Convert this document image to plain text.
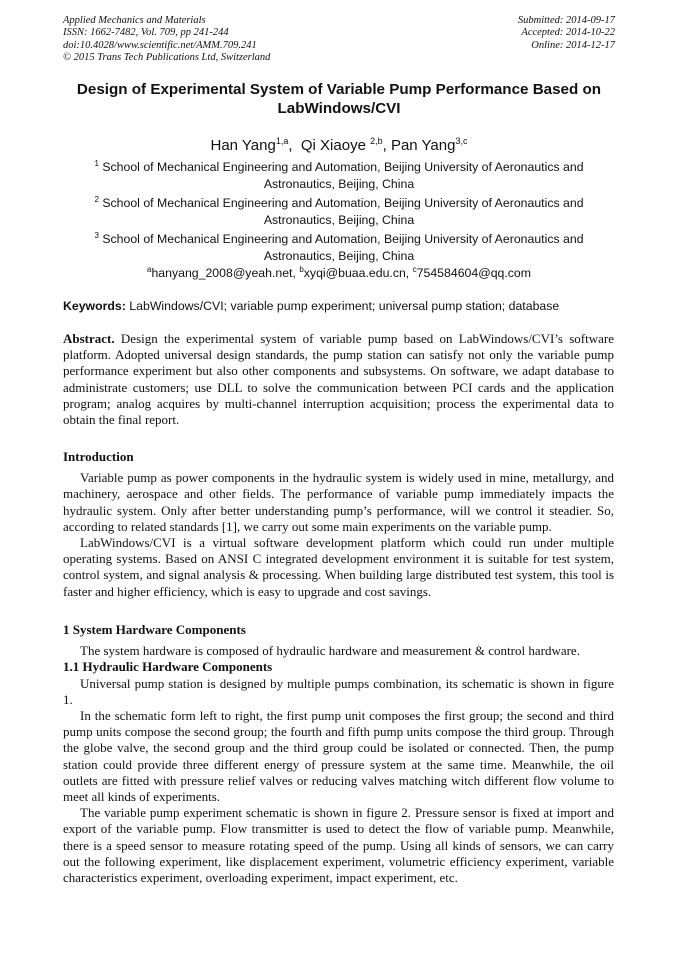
Applied Mechanics and Materials
ISSN: 1662-7482, Vol. 709, pp 241-244
doi:10.4028/www.scientific.net/AMM.709.241
© 2015 Trans Tech Publications Ltd, Switzerland
Submitted: 2014-09-17
Accepted: 2014-10-22
Online: 2014-12-17
Design of Experimental System of Variable Pump Performance Based on
LabWindows/CVI
Han Yang$^{1,a}$,  Qi Xiaoye $^{2,b}$, Pan Yang$^{3,c}$
$^1$ School of Mechanical Engineering and Automation, Beijing University of Aeronautics and
Astronautics, Beijing, China
$^2$ School of Mechanical Engineering and Automation, Beijing University of Aeronautics and
Astronautics, Beijing, China
$^3$ School of Mechanical Engineering and Automation, Beijing University of Aeronautics and
Astronautics, Beijing, China
$^a$hanyang_2008@yeah.net, $^b$xyqi@buaa.edu.cn, $^c$754584604@qq.com
Keywords: LabWindows/CVI; variable pump experiment; universal pump station; database

Abstract. Design the experimental system of variable pump based on LabWindows/CVI’s software platform. Adopted universal design standards, the pump station can satisfy not only the variable pump performance experiment but also other components and subsystems. On software, we adapt database to administrate customers; use DLL to solve the communication between PCI cards and the application program; analog acquires by multi-channel interruption acquisition; process the experimental data to obtain the final report.

Introduction

Variable pump as power components in the hydraulic system is widely used in mine, metallurgy, and machinery, aerospace and other fields. The performance of variable pump immediately impacts the hydraulic system. Only after better understanding pump’s performance, will we control it steadier. So, according to related standards [1], we carry out some main experiments on the variable pump.

LabWindows/CVI is a virtual software development platform which could run under multiple operating systems. Based on ANSI C integrated development environment it is suitable for test system, control system, and signal analysis & processing. When building large distributed test system, this tool is faster and higher efficiency, which is easy to upgrade and cost savings.

1 System Hardware Components

The system hardware is composed of hydraulic hardware and measurement & control hardware.

1.1 Hydraulic Hardware Components

Universal pump station is designed by multiple pumps combination, its schematic is shown in figure 1.

In the schematic form left to right, the first pump unit composes the first group; the second and third pump units compose the second group; the fourth and fifth pump units compose the third group. Through the globe valve, the second group and the third group could be isolated or connected. Then, the pump station could provide three different energy of pressure system at the same time. Meanwhile, the oil outlets are fitted with pressure relief valves or reducing valves matching witch different flow volume to meet all kinds of experiments.

The variable pump experiment schematic is shown in figure 2. Pressure sensor is fixed at import and export of the variable pump. Flow transmitter is used to detect the flow of variable pump. Meanwhile, there is a speed sensor to measure rotating speed of the pump. Using all kinds of sensors, we can carry out the following experiment, like displacement experiment, volumetric efficiency experiment, variable characteristics experiment, overloading experiment, impact experiment, etc.
